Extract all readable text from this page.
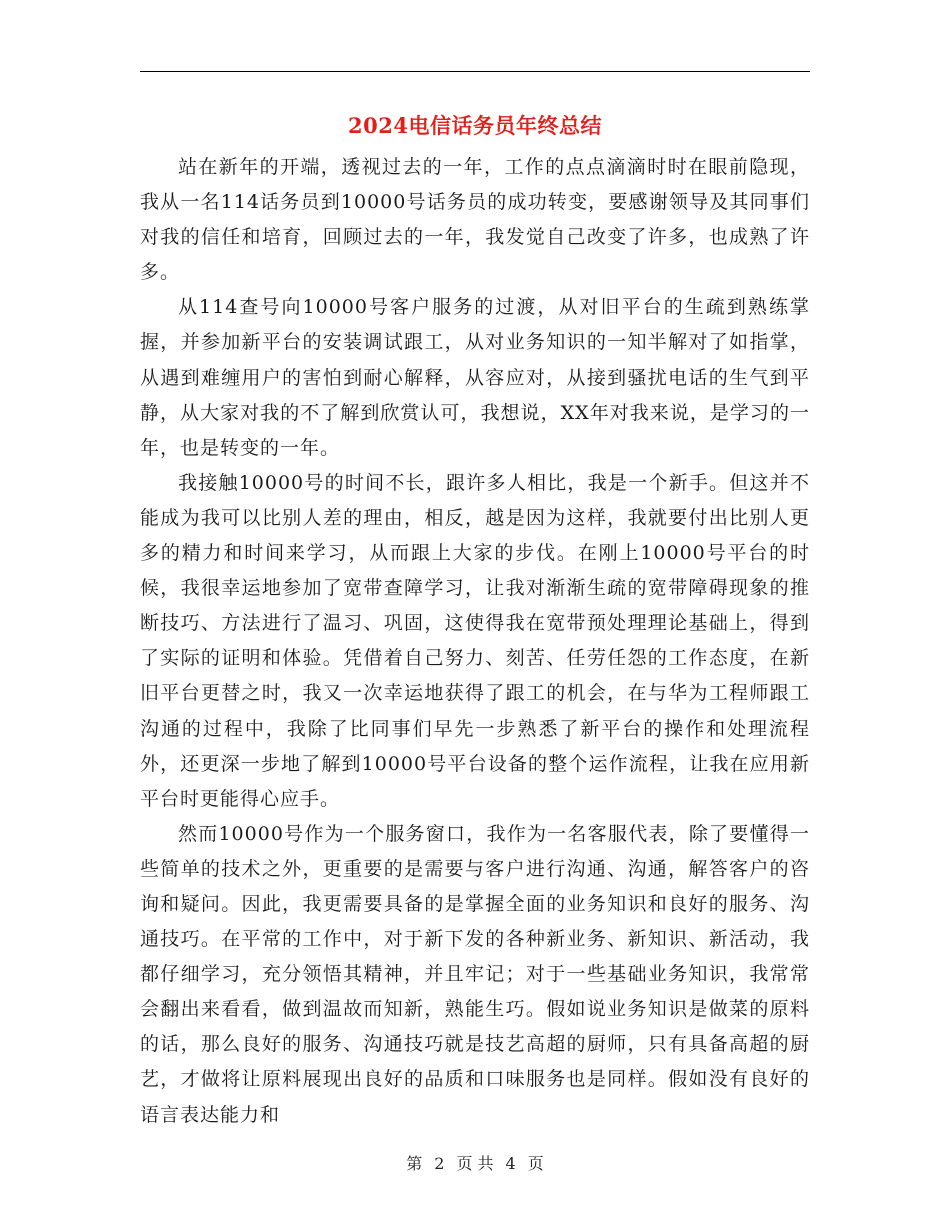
2024电信话务员年终总结

站在新年的开端，透视过去的一年，工作的点点滴滴时时在眼前隐现，我从一名114话务员到10000号话务员的成功转变，要感谢领导及其同事们对我的信任和培育，回顾过去的一年，我发觉自己改变了许多，也成熟了许多。

从114查号向10000号客户服务的过渡，从对旧平台的生疏到熟练掌握，并参加新平台的安装调试跟工，从对业务知识的一知半解对了如指掌，从遇到难缠用户的害怕到耐心解释，从容应对，从接到骚扰电话的生气到平静，从大家对我的不了解到欣赏认可，我想说，XX年对我来说，是学习的一年，也是转变的一年。

我接触10000号的时间不长，跟许多人相比，我是一个新手。但这并不能成为我可以比别人差的理由，相反，越是因为这样，我就要付出比别人更多的精力和时间来学习，从而跟上大家的步伐。在刚上10000号平台的时候，我很幸运地参加了宽带查障学习，让我对渐渐生疏的宽带障碍现象的推断技巧、方法进行了温习、巩固，这使得我在宽带预处理理论基础上，得到了实际的证明和体验。凭借着自己努力、刻苦、任劳任怨的工作态度，在新旧平台更替之时，我又一次幸运地获得了跟工的机会，在与华为工程师跟工沟通的过程中，我除了比同事们早先一步熟悉了新平台的操作和处理流程外，还更深一步地了解到10000号平台设备的整个运作流程，让我在应用新平台时更能得心应手。

然而10000号作为一个服务窗口，我作为一名客服代表，除了要懂得一些简单的技术之外，更重要的是需要与客户进行沟通、沟通，解答客户的咨询和疑问。因此，我更需要具备的是掌握全面的业务知识和良好的服务、沟通技巧。在平常的工作中，对于新下发的各种新业务、新知识、新活动，我都仔细学习，充分领悟其精神，并且牢记；对于一些基础业务知识，我常常会翻出来看看，做到温故而知新，熟能生巧。假如说业务知识是做菜的原料的话，那么良好的服务、沟通技巧就是技艺高超的厨师，只有具备高超的厨艺，才做将让原料展现出良好的品质和口味服务也是同样。假如没有良好的语言表达能力和

第 2 页 共 4 页
